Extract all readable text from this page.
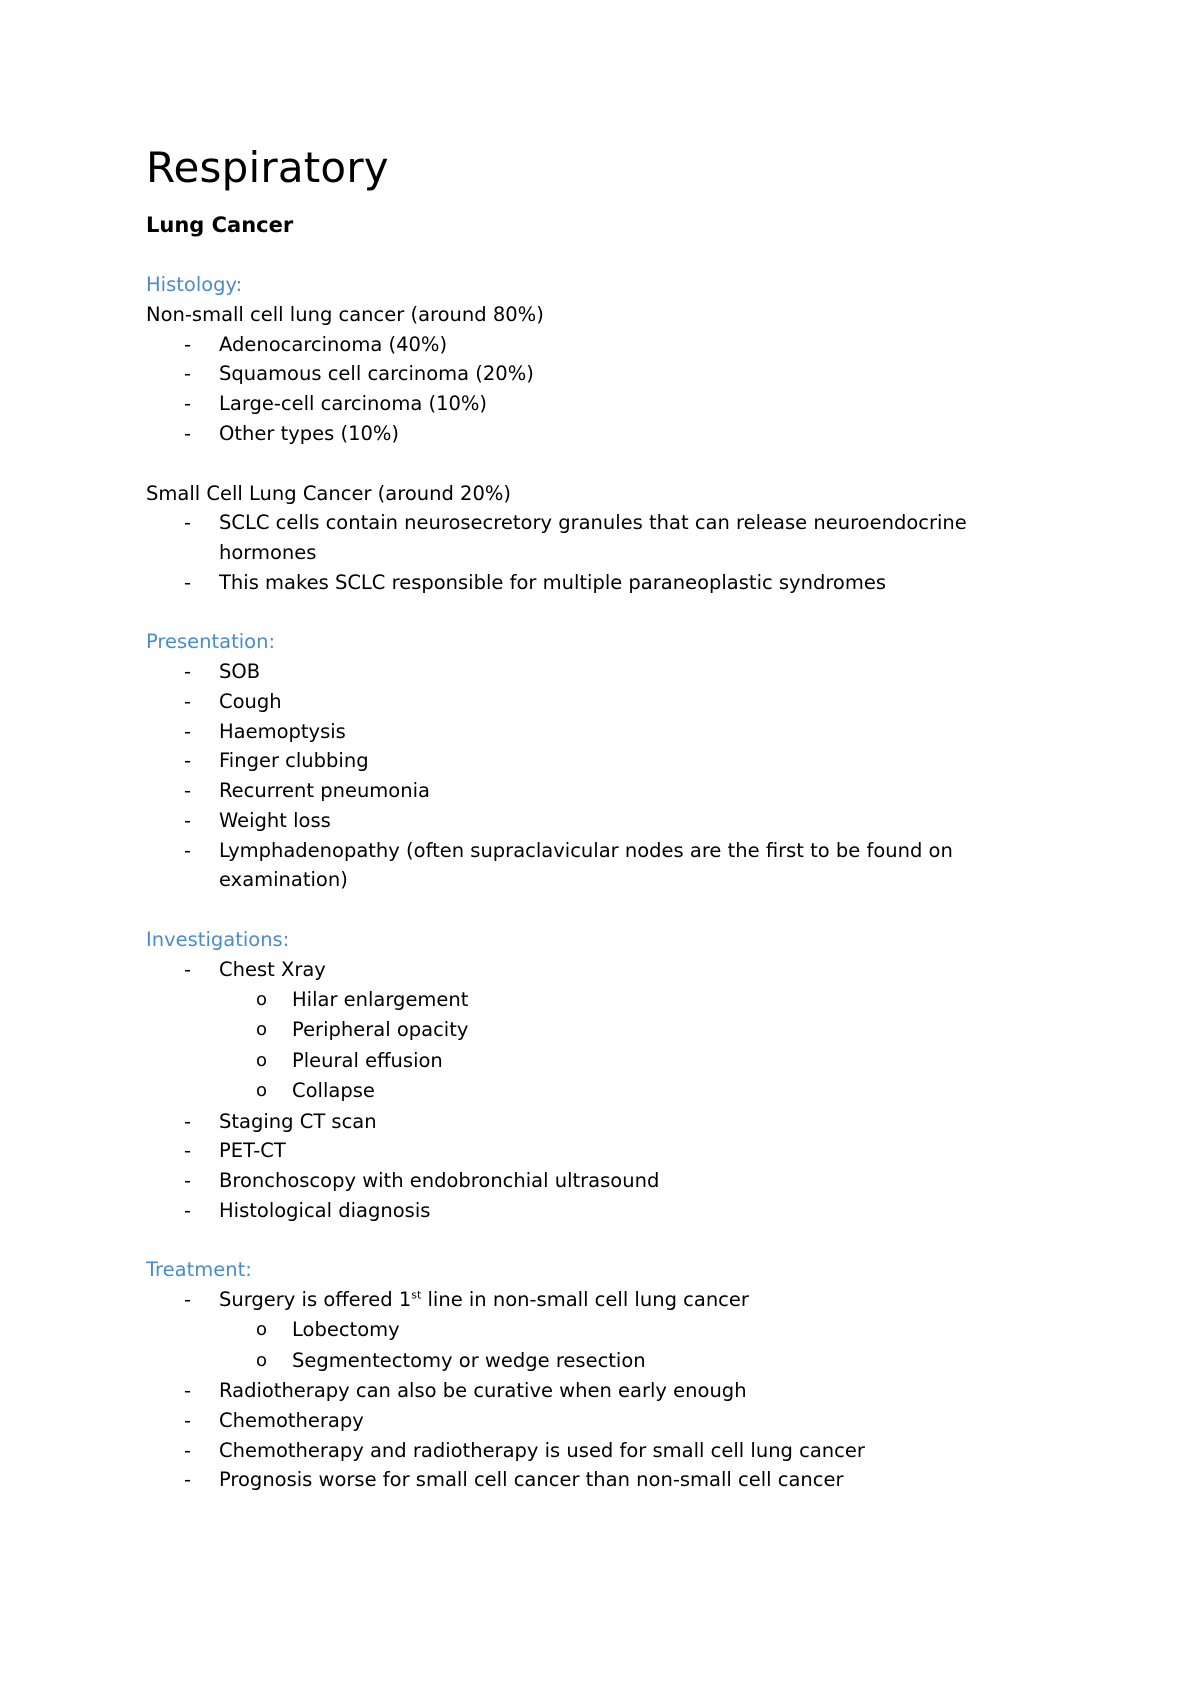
Respiratory
Lung Cancer
Histology:
Non-small cell lung cancer (around 80%)
- Adenocarcinoma (40%)
- Squamous cell carcinoma (20%)
- Large-cell carcinoma (10%)
- Other types (10%)
Small Cell Lung Cancer (around 20%)
- SCLC cells contain neurosecretory granules that can release neuroendocrine hormones
- This makes SCLC responsible for multiple paraneoplastic syndromes
Presentation:
- SOB
- Cough
- Haemoptysis
- Finger clubbing
- Recurrent pneumonia
- Weight loss
- Lymphadenopathy (often supraclavicular nodes are the first to be found on examination)
Investigations:
- Chest Xray
o Hilar enlargement
o Peripheral opacity
o Pleural effusion
o Collapse
- Staging CT scan
- PET-CT
- Bronchoscopy with endobronchial ultrasound
- Histological diagnosis
Treatment:
- Surgery is offered 1st line in non-small cell lung cancer
o Lobectomy
o Segmentectomy or wedge resection
- Radiotherapy can also be curative when early enough
- Chemotherapy
- Chemotherapy and radiotherapy is used for small cell lung cancer
- Prognosis worse for small cell cancer than non-small cell cancer
